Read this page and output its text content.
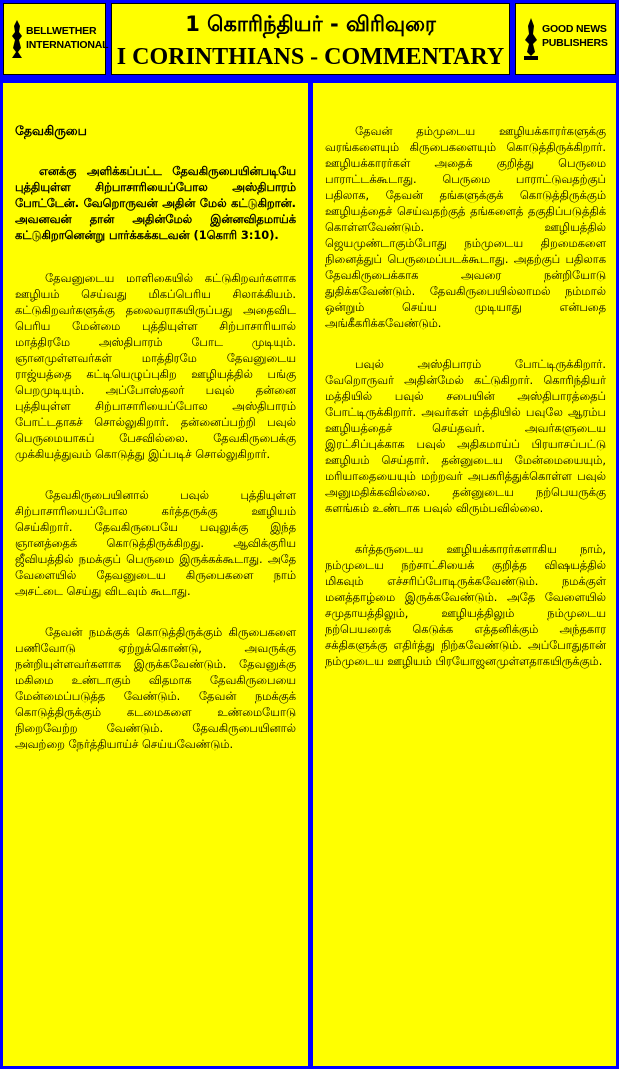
BELLWETHER
INTERNATIONAL
1 கொரிந்தியர் - விரிவுரை
I CORINTHIANS - COMMENTARY
GOOD NEWS
PUBLISHERS
தேவகிருபை
எனக்கு அளிக்கப்பட்ட தேவகிருபையின்படியே புத்தியுள்ள சிற்பாசாரியைப்போல அஸ்திபாரம் போட்டேன். வேறொருவன் அதின் மேல் கட்டுகிறான். அவனவன் தான் அதின்மேல் இன்னவிதமாய்க் கட்டுகிறானென்று பார்க்கக்கடவன் (1கொரி 3:10).

தேவனுடைய மாளிகையில் கட்டுகிறவர்களாக ஊழியம் செய்வது மிகப்பெரிய சிலாக்கியம். கட்டுகிறவர்களுக்கு தலைவராகயிருப்பது அதைவிட பெரிய மேன்மை புத்தியுள்ள சிற்பாசாரியால் மாத்திரமே அஸ்திபாரம் போட முடியும். ஞானமுள்ளவர்கள் மாத்திரமே தேவனுடைய ராஜ்யத்தை கட்டியெழுப்புகிற ஊழியத்தில் பங்கு பெறமுடியும். அப்போஸ்தலர் பவுல் தன்னை புத்தியுள்ள சிற்பாசாரியைப்போல அஸ்திபாரம் போட்டதாகச் சொல்லுகிறார். தன்னைப்பற்றி பவுல் பெருமையாகப் பேசவில்லை. தேவகிருபைக்கு முக்கியத்துவம் கொடுத்து இப்படிச் சொல்லுகிறார்.

தேவகிருபையினால் பவுல் புத்தியுள்ள சிற்பாசாரியைப்போல கர்த்தருக்கு ஊழியம் செய்கிறார். தேவகிருபையே பவுலுக்கு இந்த ஞானத்தைக் கொடுத்திருக்கிறது. ஆவிக்குரிய ஜீவியத்தில் நமக்குப் பெருமை இருக்கக்கூடாது. அதே வேளையில் தேவனுடைய கிருபைகளை நாம் அசட்டை செய்து விடவும் கூடாது.

தேவன் நமக்குக் கொடுத்திருக்கும் கிருபைகளை பணிவோடு ஏற்றுக்கொண்டு, அவருக்கு நன்றியுள்ளவர்களாக இருக்கவேண்டும். தேவனுக்கு மகிமை உண்டாகும் விதமாக தேவகிருபையை மேன்மைப்படுத்த வேண்டும். தேவன் நமக்குக் கொடுத்திருக்கும் கடமைகளை உண்மையோடு நிறைவேற்ற வேண்டும். தேவகிருபையினால் அவற்றை நேர்த்தியாய்ச் செய்யவேண்டும்.

தேவன் தம்முடைய ஊழியக்காரர்களுக்கு வரங்களையும் கிருபைகளையும் கொடுத்திருக்கிறார். ஊழியக்காரர்கள் அதைக் குறித்து பெருமை பாராட்டக்கூடாது. பெருமை பாராட்டுவதற்குப் பதிலாக, தேவன் தங்களுக்குக் கொடுத்திருக்கும் ஊழியத்தைச் செய்வதற்குத் தங்களைத் தகுதிப்படுத்திக் கொள்ளவேண்டும். ஊழியத்தில் ஜெயமுண்டாகும்போது நம்முடைய திறமைகளை நினைத்துப் பெருமைப்படக்கூடாது. அதற்குப் பதிலாக தேவகிருபைக்காக அவரை நன்றியோடு துதிக்கவேண்டும். தேவகிருபையில்லாமல் நம்மால் ஒன்றும் செய்ய முடியாது என்பதை அங்கீகரிக்கவேண்டும்.

பவுல் அஸ்திபாரம் போட்டிருக்கிறார். வேறொருவர் அதின்மேல் கட்டுகிறார். கொரிந்தியர் மத்தியில் பவுல் சபையின் அஸ்திபாரத்தைப் போட்டிருக்கிறார். அவர்கள் மத்தியில் பவுலே ஆரம்ப ஊழியத்தைச் செய்தவர். அவர்களுடைய இரட்சிப்புக்காக பவுல் அதிகமாய்ப் பிரயாசப்பட்டு ஊழியம் செய்தார். தன்னுடைய மேன்மையையும், மரியாதையையும் மற்றவர் அபகரித்துக்கொள்ள பவுல் அனுமதிக்கவில்லை. தன்னுடைய நற்பெயருக்கு களங்கம் உண்டாக பவுல் விரும்பவில்லை.

கர்த்தருடைய ஊழியக்காரர்களாகிய நாம், நம்முடைய நற்சாட்சியைக் குறித்த விஷயத்தில் மிகவும் எச்சரிப்போடிருக்கவேண்டும். நமக்குள் மனத்தாழ்மை இருக்கவேண்டும். அதே வேளையில் சமுதாயத்திலும், ஊழியத்திலும் நம்முடைய நற்பெயரைக் கெடுக்க எத்தனிக்கும் அந்தகார சக்திகளுக்கு எதிர்த்து நிற்கவேண்டும். அப்போதுதான் நம்முடைய ஊழியம் பிரயோஜனமுள்ளதாகயிருக்கும்.
